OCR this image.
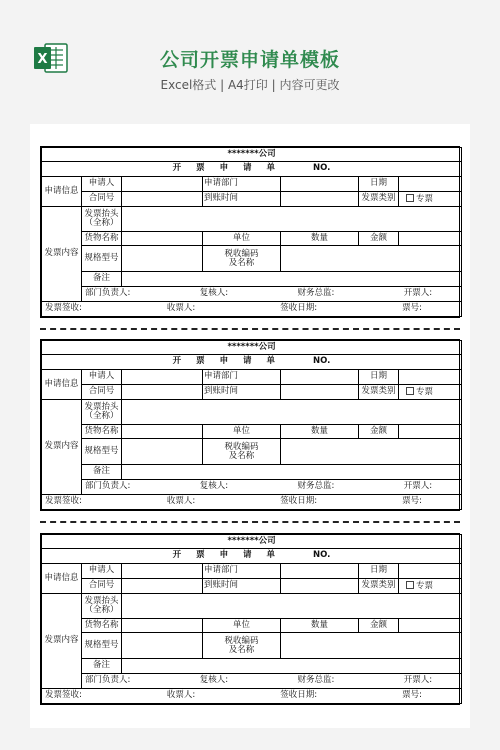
X	公司开票申请单模板
Excel格式 | A4打印 | 内容可更改
*******公司							
开 票 申 请 单 NO.							
申请信息	申请人		申请部门		日期		
	合同号		到账时间		发票类别	专票	
发票内容	发票抬头
（全称）						
	货物名称		单位	数量	金额		
	规格型号		税收编码
及名称				
	备注						

	部门负责人: 复核人: 财务总监: 开票人:						

发票签收: 收票人: 签收日期: 票号:							
*******公司							
开 票 申 请 单 NO.							
申请信息	申请人		申请部门		日期		
	合同号		到账时间		发票类别	专票	
发票内容	发票抬头
（全称）						
	货物名称		单位	数量	金额		
	规格型号		税收编码
及名称				
	备注						

	部门负责人: 复核人: 财务总监: 开票人:						

发票签收: 收票人: 签收日期: 票号:							
*******公司							
开 票 申 请 单 NO.							
申请信息	申请人		申请部门		日期		
	合同号		到账时间		发票类别	专票	
发票内容	发票抬头
（全称）						
	货物名称		单位	数量	金额		
	规格型号		税收编码
及名称				
	备注						

	部门负责人: 复核人: 财务总监: 开票人:						

发票签收: 收票人: 签收日期: 票号:							
